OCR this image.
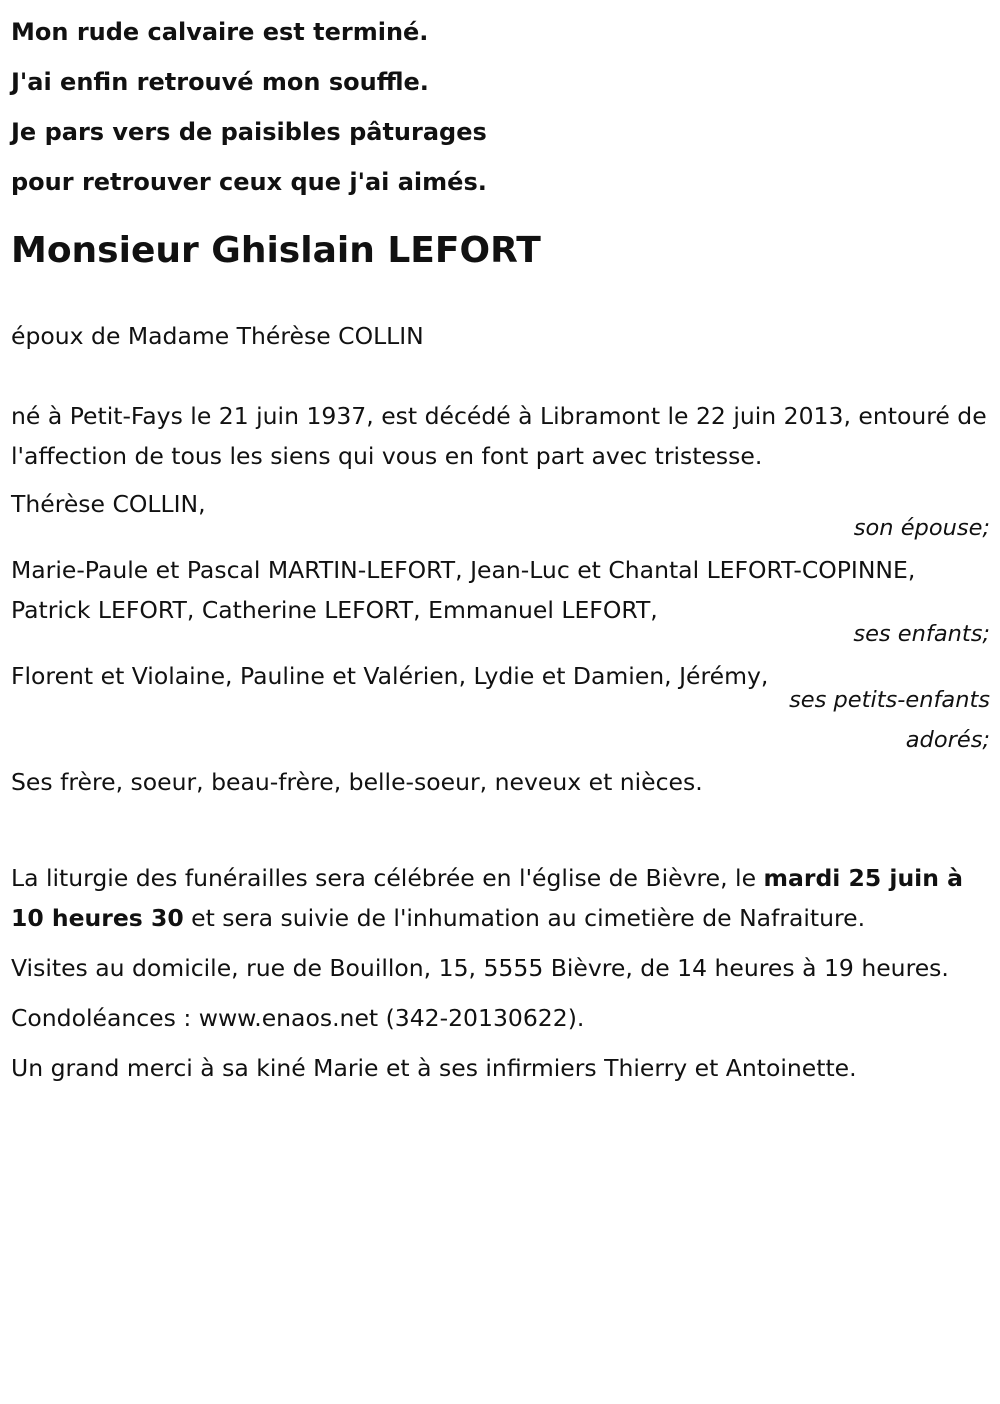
Mon rude calvaire est terminé.
J'ai enfin retrouvé mon souffle.
Je pars vers de paisibles pâturages
pour retrouver ceux que j'ai aimés.
Monsieur Ghislain LEFORT
époux de Madame Thérèse COLLIN
né à Petit-Fays le 21 juin 1937, est décédé à Libramont le 22 juin 2013, entouré de l'affection de tous les siens qui vous en font part avec tristesse.
Thérèse COLLIN,
son épouse;
Marie-Paule et Pascal MARTIN-LEFORT, Jean-Luc et Chantal LEFORT-COPINNE, Patrick LEFORT, Catherine LEFORT, Emmanuel LEFORT,
ses enfants;
Florent et Violaine, Pauline et Valérien, Lydie et Damien, Jérémy,
ses petits-enfants
adorés;
Ses frère, soeur, beau-frère, belle-soeur, neveux et nièces.
La liturgie des funérailles sera célébrée en l'église de Bièvre, le mardi 25 juin à 10 heures 30 et sera suivie de l'inhumation au cimetière de Nafraiture.
Visites au domicile, rue de Bouillon, 15, 5555 Bièvre, de 14 heures à 19 heures.
Condoléances : www.enaos.net (342-20130622).
Un grand merci à sa kiné Marie et à ses infirmiers Thierry et Antoinette.
